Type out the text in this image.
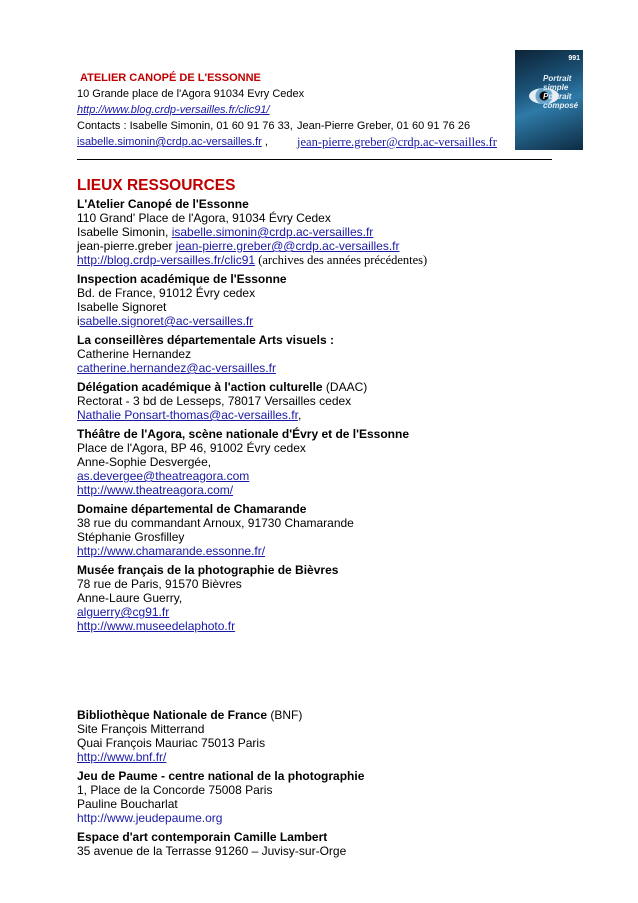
ATELIER CANOPÉ DE L'ESSONNE
10 Grande place de l'Agora 91034 Evry Cedex
http://www.blog.crdp-versailles.fr/clic91/
Contacts : Isabelle Simonin, 01 60 91 76 33, Jean-Pierre Greber, 01 60 91 76 26
isabelle.simonin@crdp.ac-versailles.fr ,	jean-pierre.greber@crdp.ac-versailles.fr
991
Portrait
simple
Portrait
composé
LIEUX RESSOURCES
L'Atelier Canopé de l'Essonne
110 Grand' Place de l'Agora, 91034 Évry Cedex
Isabelle Simonin, isabelle.simonin@crdp.ac-versailles.fr
jean-pierre.greber jean-pierre.greber@@crdp.ac-versailles.fr
http://blog.crdp-versailles.fr/clic91 (archives des années précédentes)
Inspection académique de l'Essonne
Bd. de France, 91012 Évry cedex
Isabelle Signoret
isabelle.signoret@ac-versailles.fr
La conseillères départementale Arts visuels :
Catherine Hernandez
catherine.hernandez@ac-versailles.fr
Délégation académique à l'action culturelle (DAAC)
Rectorat - 3 bd de Lesseps, 78017 Versailles cedex
Nathalie Ponsart-thomas@ac-versailles.fr,
Théâtre de l'Agora, scène nationale d'Évry et de l'Essonne
Place de l'Agora, BP 46, 91002 Évry cedex
Anne-Sophie Desvergée,
as.devergee@theatreagora.com
http://www.theatreagora.com/
Domaine départemental de Chamarande
38 rue du commandant Arnoux, 91730 Chamarande
Stéphanie Grosfilley
http://www.chamarande.essonne.fr/
Musée français de la photographie de Bièvres
78 rue de Paris, 91570 Bièvres
Anne-Laure Guerry,
alguerry@cg91.fr
http://www.museedelaphoto.fr
Bibliothèque Nationale de France (BNF)
Site François Mitterrand
Quai François Mauriac 75013 Paris
http://www.bnf.fr/
Jeu de Paume - centre national de la photographie
1, Place de la Concorde 75008 Paris
Pauline Boucharlat
http://www.jeudepaume.org
Espace d'art contemporain Camille Lambert
35 avenue de la Terrasse 91260 – Juvisy-sur-Orge
